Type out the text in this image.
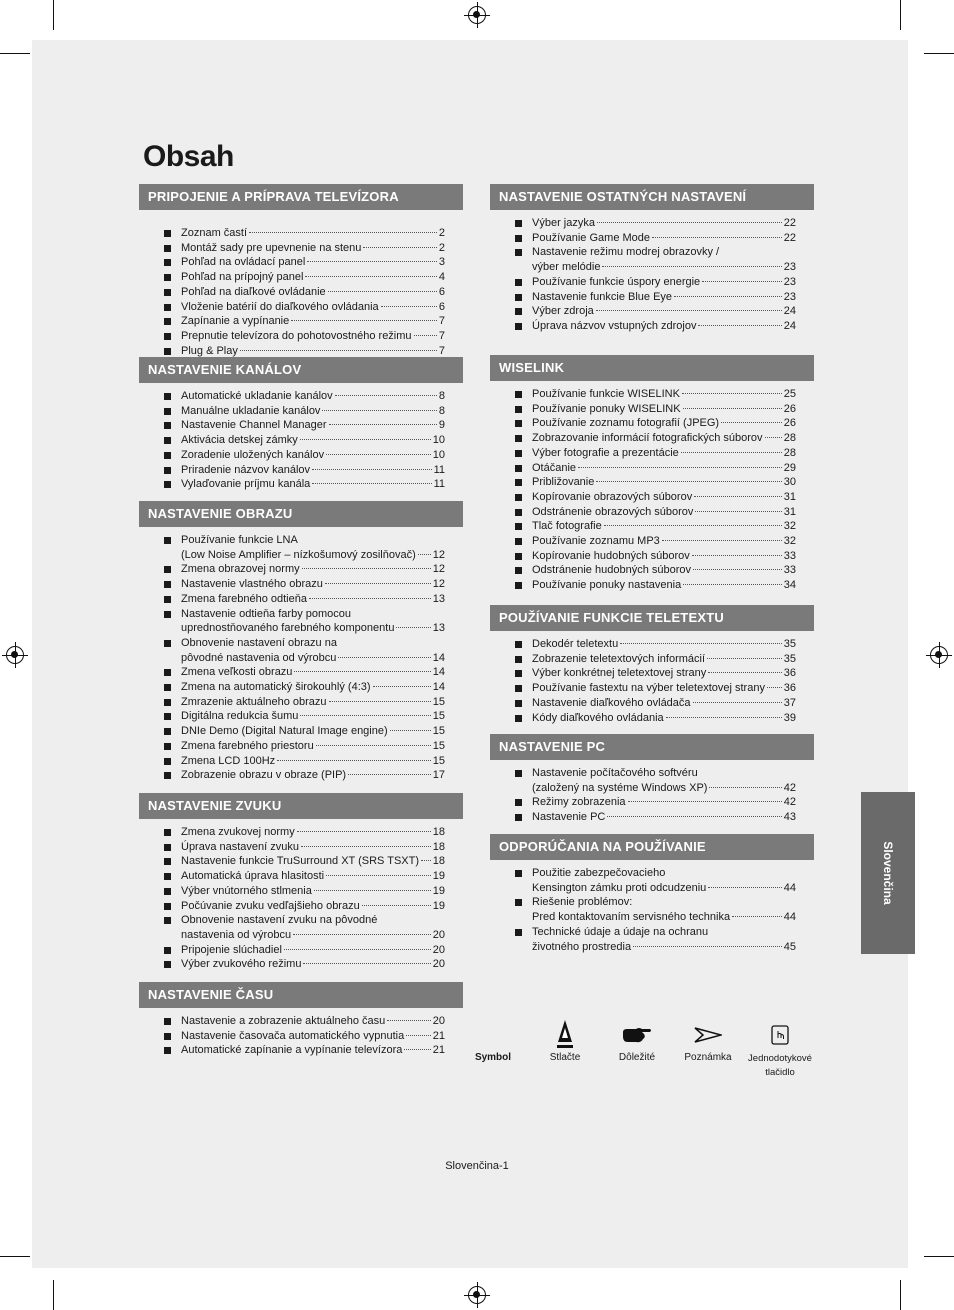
Obsah
PRIPOJENIE A PRÍPRAVA TELEVÍZORA
Zoznam častí	2
Montáž sady pre upevnenie na stenu	2
Pohľad na ovládací panel	3
Pohľad na prípojný panel	4
Pohľad na diaľkové ovládanie	6
Vloženie batérií do diaľkového ovládania	6
Zapínanie a vypínanie	7
Prepnutie televízora do pohotovostného režimu 7
Plug & Play	7
NASTAVENIE KANÁLOV
Automatické ukladanie kanálov	8
Manuálne ukladanie kanálov	8
Nastavenie Channel Manager	9
Aktivácia detskej zámky	10
Zoradenie uložených kanálov	10
Priradenie názvov kanálov	11
Vylaďovanie príjmu kanála	11
NASTAVENIE OBRAZU
Používanie funkcie LNA
(Low Noise Amplifier – nízkošumový zosilňovač) 12
Zmena obrazovej normy	12
Nastavenie vlastného obrazu	12
Zmena farebného odtieňa	13
Nastavenie odtieňa farby pomocou
uprednostňovaného farebného komponentu	13
Obnovenie nastavení obrazu na
pôvodné nastavenia od výrobcu	14
Zmena veľkosti obrazu	14
Zmena na automatický širokouhlý (4:3)	14
Zmrazenie aktuálneho obrazu	15
Digitálna redukcia šumu	15
DNIe Demo (Digital Natural Image engine)	15
Zmena farebného priestoru	15
Zmena LCD 100Hz	15
Zobrazenie obrazu v obraze (PIP)	17
NASTAVENIE ZVUKU
Zmena zvukovej normy	18
Úprava nastavení zvuku	18
Nastavenie funkcie TruSurround XT (SRS TSXT) 18
Automatická úprava hlasitosti	19
Výber vnútorného stlmenia	19
Počúvanie zvuku vedľajšieho obrazu	19
Obnovenie nastavení zvuku na pôvodné
nastavenia od výrobcu	20
Pripojenie slúchadiel	20
Výber zvukového režimu	20
NASTAVENIE ČASU
Nastavenie a zobrazenie aktuálneho času	20
Nastavenie časovača automatického vypnutia	21
Automatické zapínanie a vypínanie televízora	21
NASTAVENIE OSTATNÝCH NASTAVENÍ
Výber jazyka	22
Používanie Game Mode	22
Nastavenie režimu modrej obrazovky /
výber melódie	23
Používanie funkcie úspory energie	23
Nastavenie funkcie Blue Eye	23
Výber zdroja	24
Úprava názvov vstupných zdrojov	24
WISELINK
Používanie funkcie WISELINK	25
Používanie ponuky WISELINK	26
Používanie zoznamu fotografií (JPEG)	26
Zobrazovanie informácií fotografických súborov 28
Výber fotografie a prezentácie	28
Otáčanie	29
Približovanie	30
Kopírovanie obrazových súborov	31
Odstránenie obrazových súborov	31
Tlač fotografie	32
Používanie zoznamu MP3	32
Kopírovanie hudobných súborov	33
Odstránenie hudobných súborov	33
Používanie ponuky nastavenia	34
POUŽÍVANIE FUNKCIE TELETEXTU
Dekodér teletextu	35
Zobrazenie teletextových informácií	35
Výber konkrétnej teletextovej strany	36
Používanie fastextu na výber teletextovej strany 36
Nastavenie diaľkového ovládača	37
Kódy diaľkového ovládania	39
NASTAVENIE PC
Nastavenie počítačového softvéru
(založený na systéme Windows XP)	42
Režimy zobrazenia	42
Nastavenie PC	43
ODPORÚČANIA NA POUŽÍVANIE
Použitie zabezpečovacieho
Kensington zámku proti odcudzeniu	44
Riešenie problémov:
Pred kontaktovaním servisného technika	44
Technické údaje a údaje na ochranu
životného prostredia	45
Symbol	Stlačte	Dôležité	Poznámka	Jednodotykové
tlačidlo
Slovenčina
Slovenčina-1
